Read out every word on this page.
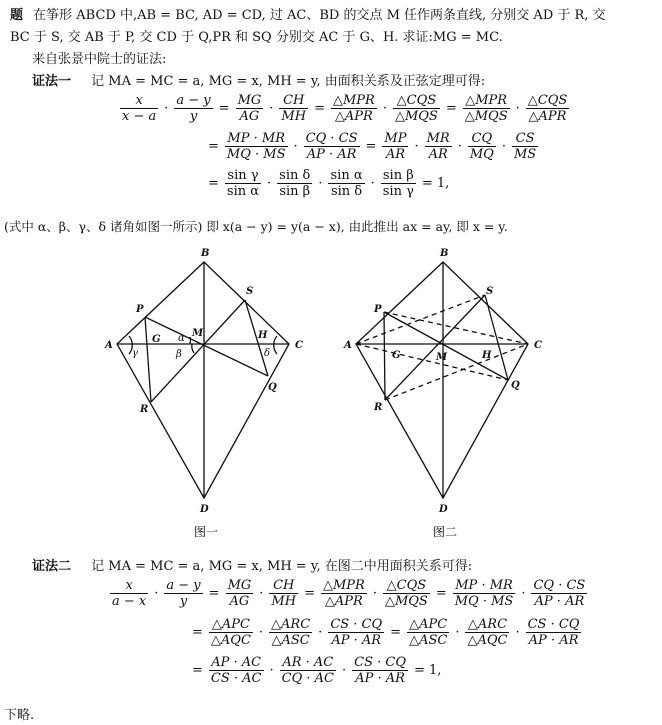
题 在筝形 ABCD 中,AB = BC, AD = CD, 过 AC、BD 的交点 M 任作两条直线, 分别交 AD 于 R, 交
BC 于 S, 交 AB 于 P, 交 CD 于 Q,PR 和 SQ 分别交 AC 于 G、H. 求证:MG = MC.
来自张景中院士的证法:
证法一 记 MA = MC = a, MG = x, MH = y, 由面积关系及正弦定理可得:
$\frac{x}{x - a} \cdot \frac{a - y}{y} = \frac{MG}{AG} \cdot \frac{CH}{MH} = \frac{\text{△MPR}}{\text{△APR}} \cdot \frac{\text{△CQS}}{\text{△MQS}} = \frac{\text{△MPR}}{\text{△MQS}} \cdot \frac{\text{△CQS}}{\text{△APR}}$
= $\frac{MP \cdot MR}{MQ \cdot MS} \cdot \frac{CQ \cdot CS}{AP \cdot AR} = \frac{MP}{AR} \cdot \frac{MR}{AR} \cdot \frac{CQ}{MQ} \cdot \frac{CS}{MS}$
= $\frac{\text{sin γ}}{\text{sin α}} \cdot \frac{\text{sin δ}}{\text{sin β}} \cdot \frac{\text{sin α}}{\text{sin δ}} \cdot \frac{\text{sin β}}{\text{sin γ}} = 1$,
(式中 α、β、γ、δ 诸角如图一所示) 即 x(a − y) = y(a − x), 由此推出 ax = ay, 即 x = y.
B
A	C
D
M
P
S
R
Q
G	H
α
β
γ	δ
B
A	C
D
M
P
S
R
Q
G	H
图一	图二
证法二 记 MA = MC = a, MG = x, MH = y, 在图二中用面积关系可得:
$\frac{x}{a - x} \cdot \frac{a - y}{y} = \frac{MG}{AG} \cdot \frac{CH}{MH} = \frac{\text{△MPR}}{\text{△APR}} \cdot \frac{\text{△CQS}}{\text{△MQS}} = \frac{MP \cdot MR}{MQ \cdot MS} \cdot \frac{CQ \cdot CS}{AP \cdot AR}$
= $\frac{\text{△APC}}{\text{△AQC}} \cdot \frac{\text{△ARC}}{\text{△ASC}} \cdot \frac{CS \cdot CQ}{AP \cdot AR} = \frac{\text{△APC}}{\text{△ASC}} \cdot \frac{\text{△ARC}}{\text{△AQC}} \cdot \frac{CS \cdot CQ}{AP \cdot AR}$
= $\frac{AP \cdot AC}{CS \cdot AC} \cdot \frac{AR \cdot AC}{CQ \cdot AC} \cdot \frac{CS \cdot CQ}{AP \cdot AR} = 1$,
下略.
